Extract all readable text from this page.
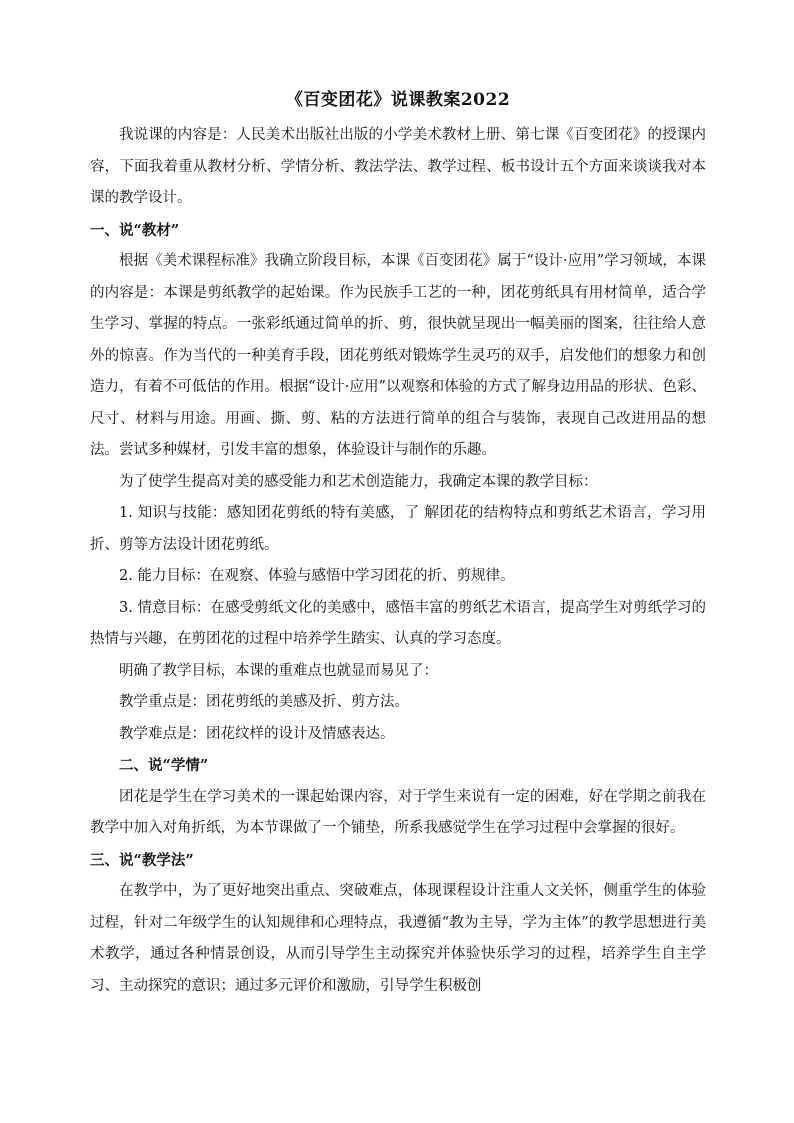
《百变团花》说课教案2022

我说课的内容是：人民美术出版社出版的小学美术教材上册、第七课《百变团花》的授课内容，下面我着重从教材分析、学情分析、教法学法、教学过程、板书设计五个方面来谈谈我对本课的教学设计。

一、说“教材”

根据《美术课程标准》我确立阶段目标，本课《百变团花》属于“设计·应用”学习领域，本课的内容是：本课是剪纸教学的起始课。作为民族手工艺的一种，团花剪纸具有用材简单，适合学生学习、掌握的特点。一张彩纸通过简单的折、剪，很快就呈现出一幅美丽的图案，往往给人意外的惊喜。作为当代的一种美育手段，团花剪纸对锻炼学生灵巧的双手，启发他们的想象力和创造力，有着不可低估的作用。根据“设计·应用”以观察和体验的方式了解身边用品的形状、色彩、尺寸、材料与用途。用画、撕、剪、粘的方法进行简单的组合与装饰，表现自己改进用品的想法。尝试多种媒材，引发丰富的想象，体验设计与制作的乐趣。

为了使学生提高对美的感受能力和艺术创造能力，我确定本课的教学目标：

1. 知识与技能：感知团花剪纸的特有美感，了 解团花的结构特点和剪纸艺术语言，学习用折、剪等方法设计团花剪纸。

2. 能力目标：在观察、体验与感悟中学习团花的折、剪规律。

3. 情意目标：在感受剪纸文化的美感中，感悟丰富的剪纸艺术语言，提高学生对剪纸学习的热情与兴趣，在剪团花的过程中培养学生踏实、认真的学习态度。

明确了教学目标，本课的重难点也就显而易见了：

教学重点是：团花剪纸的美感及折、剪方法。

教学难点是：团花纹样的设计及情感表达。

二、说“学情”

团花是学生在学习美术的一课起始课内容，对于学生来说有一定的困难，好在学期之前我在教学中加入对角折纸，为本节课做了一个铺垫，所系我感觉学生在学习过程中会掌握的很好。

三、说“教学法”

在教学中，为了更好地突出重点、突破难点，体现课程设计注重人文关怀，侧重学生的体验过程，针对二年级学生的认知规律和心理特点，我遵循“教为主导，学为主体”的教学思想进行美术教学，通过各种情景创设，从而引导学生主动探究并体验快乐学习的过程，培养学生自主学习、主动探究的意识；通过多元评价和激励，引导学生积极创
